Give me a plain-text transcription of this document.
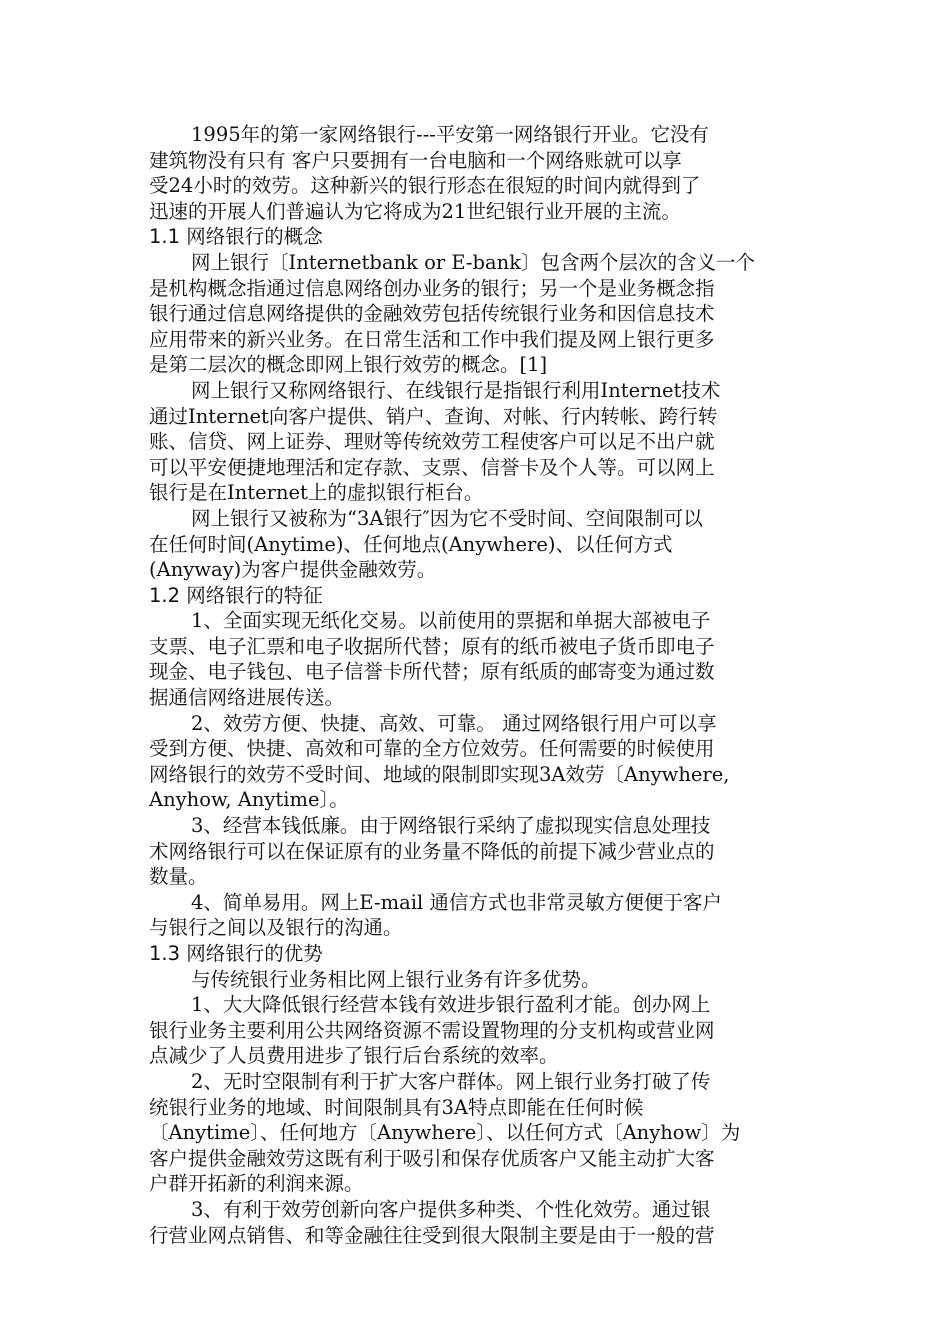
1995年的第一家网络银行---平安第一网络银行开业。它没有
建筑物没有只有 客户只要拥有一台电脑和一个网络账就可以享
受24小时的效劳。这种新兴的银行形态在很短的时间内就得到了
迅速的开展人们普遍认为它将成为21世纪银行业开展的主流。
1.1 网络银行的概念
网上银行〔Internetbank or E-bank〕包含两个层次的含义一个
是机构概念指通过信息网络创办业务的银行；另一个是业务概念指
银行通过信息网络提供的金融效劳包括传统银行业务和因信息技术
应用带来的新兴业务。在日常生活和工作中我们提及网上银行更多
是第二层次的概念即网上银行效劳的概念。[1]
网上银行又称网络银行、在线银行是指银行利用Internet技术
通过Internet向客户提供、销户、查询、对帐、行内转帐、跨行转
账、信贷、网上证券、理财等传统效劳工程使客户可以足不出户就
可以平安便捷地理活和定存款、支票、信誉卡及个人等。可以网上
银行是在Internet上的虚拟银行柜台。
网上银行又被称为“3A银行″因为它不受时间、空间限制可以
在任何时间(Anytime)、任何地点(Anywhere)、以任何方式
(Anyway)为客户提供金融效劳。
1.2 网络银行的特征
1、全面实现无纸化交易。以前使用的票据和单据大部被电子
支票、电子汇票和电子收据所代替；原有的纸币被电子货币即电子
现金、电子钱包、电子信誉卡所代替；原有纸质的邮寄变为通过数
据通信网络进展传送。
2、效劳方便、快捷、高效、可靠。 通过网络银行用户可以享
受到方便、快捷、高效和可靠的全方位效劳。任何需要的时候使用
网络银行的效劳不受时间、地域的限制即实现3A效劳〔Anywhere,
Anyhow, Anytime〕。
3、经营本钱低廉。由于网络银行采纳了虚拟现实信息处理技
术网络银行可以在保证原有的业务量不降低的前提下减少营业点的
数量。
4、简单易用。网上E-mail 通信方式也非常灵敏方便便于客户
与银行之间以及银行的沟通。
1.3 网络银行的优势
与传统银行业务相比网上银行业务有许多优势。
1、大大降低银行经营本钱有效进步银行盈利才能。创办网上
银行业务主要利用公共网络资源不需设置物理的分支机构或营业网
点减少了人员费用进步了银行后台系统的效率。
2、无时空限制有利于扩大客户群体。网上银行业务打破了传
统银行业务的地域、时间限制具有3A特点即能在任何时候
〔Anytime〕、任何地方〔Anywhere〕、以任何方式〔Anyhow〕为
客户提供金融效劳这既有利于吸引和保存优质客户又能主动扩大客
户群开拓新的利润来源。
3、有利于效劳创新向客户提供多种类、个性化效劳。通过银
行营业网点销售、和等金融往往受到很大限制主要是由于一般的营
